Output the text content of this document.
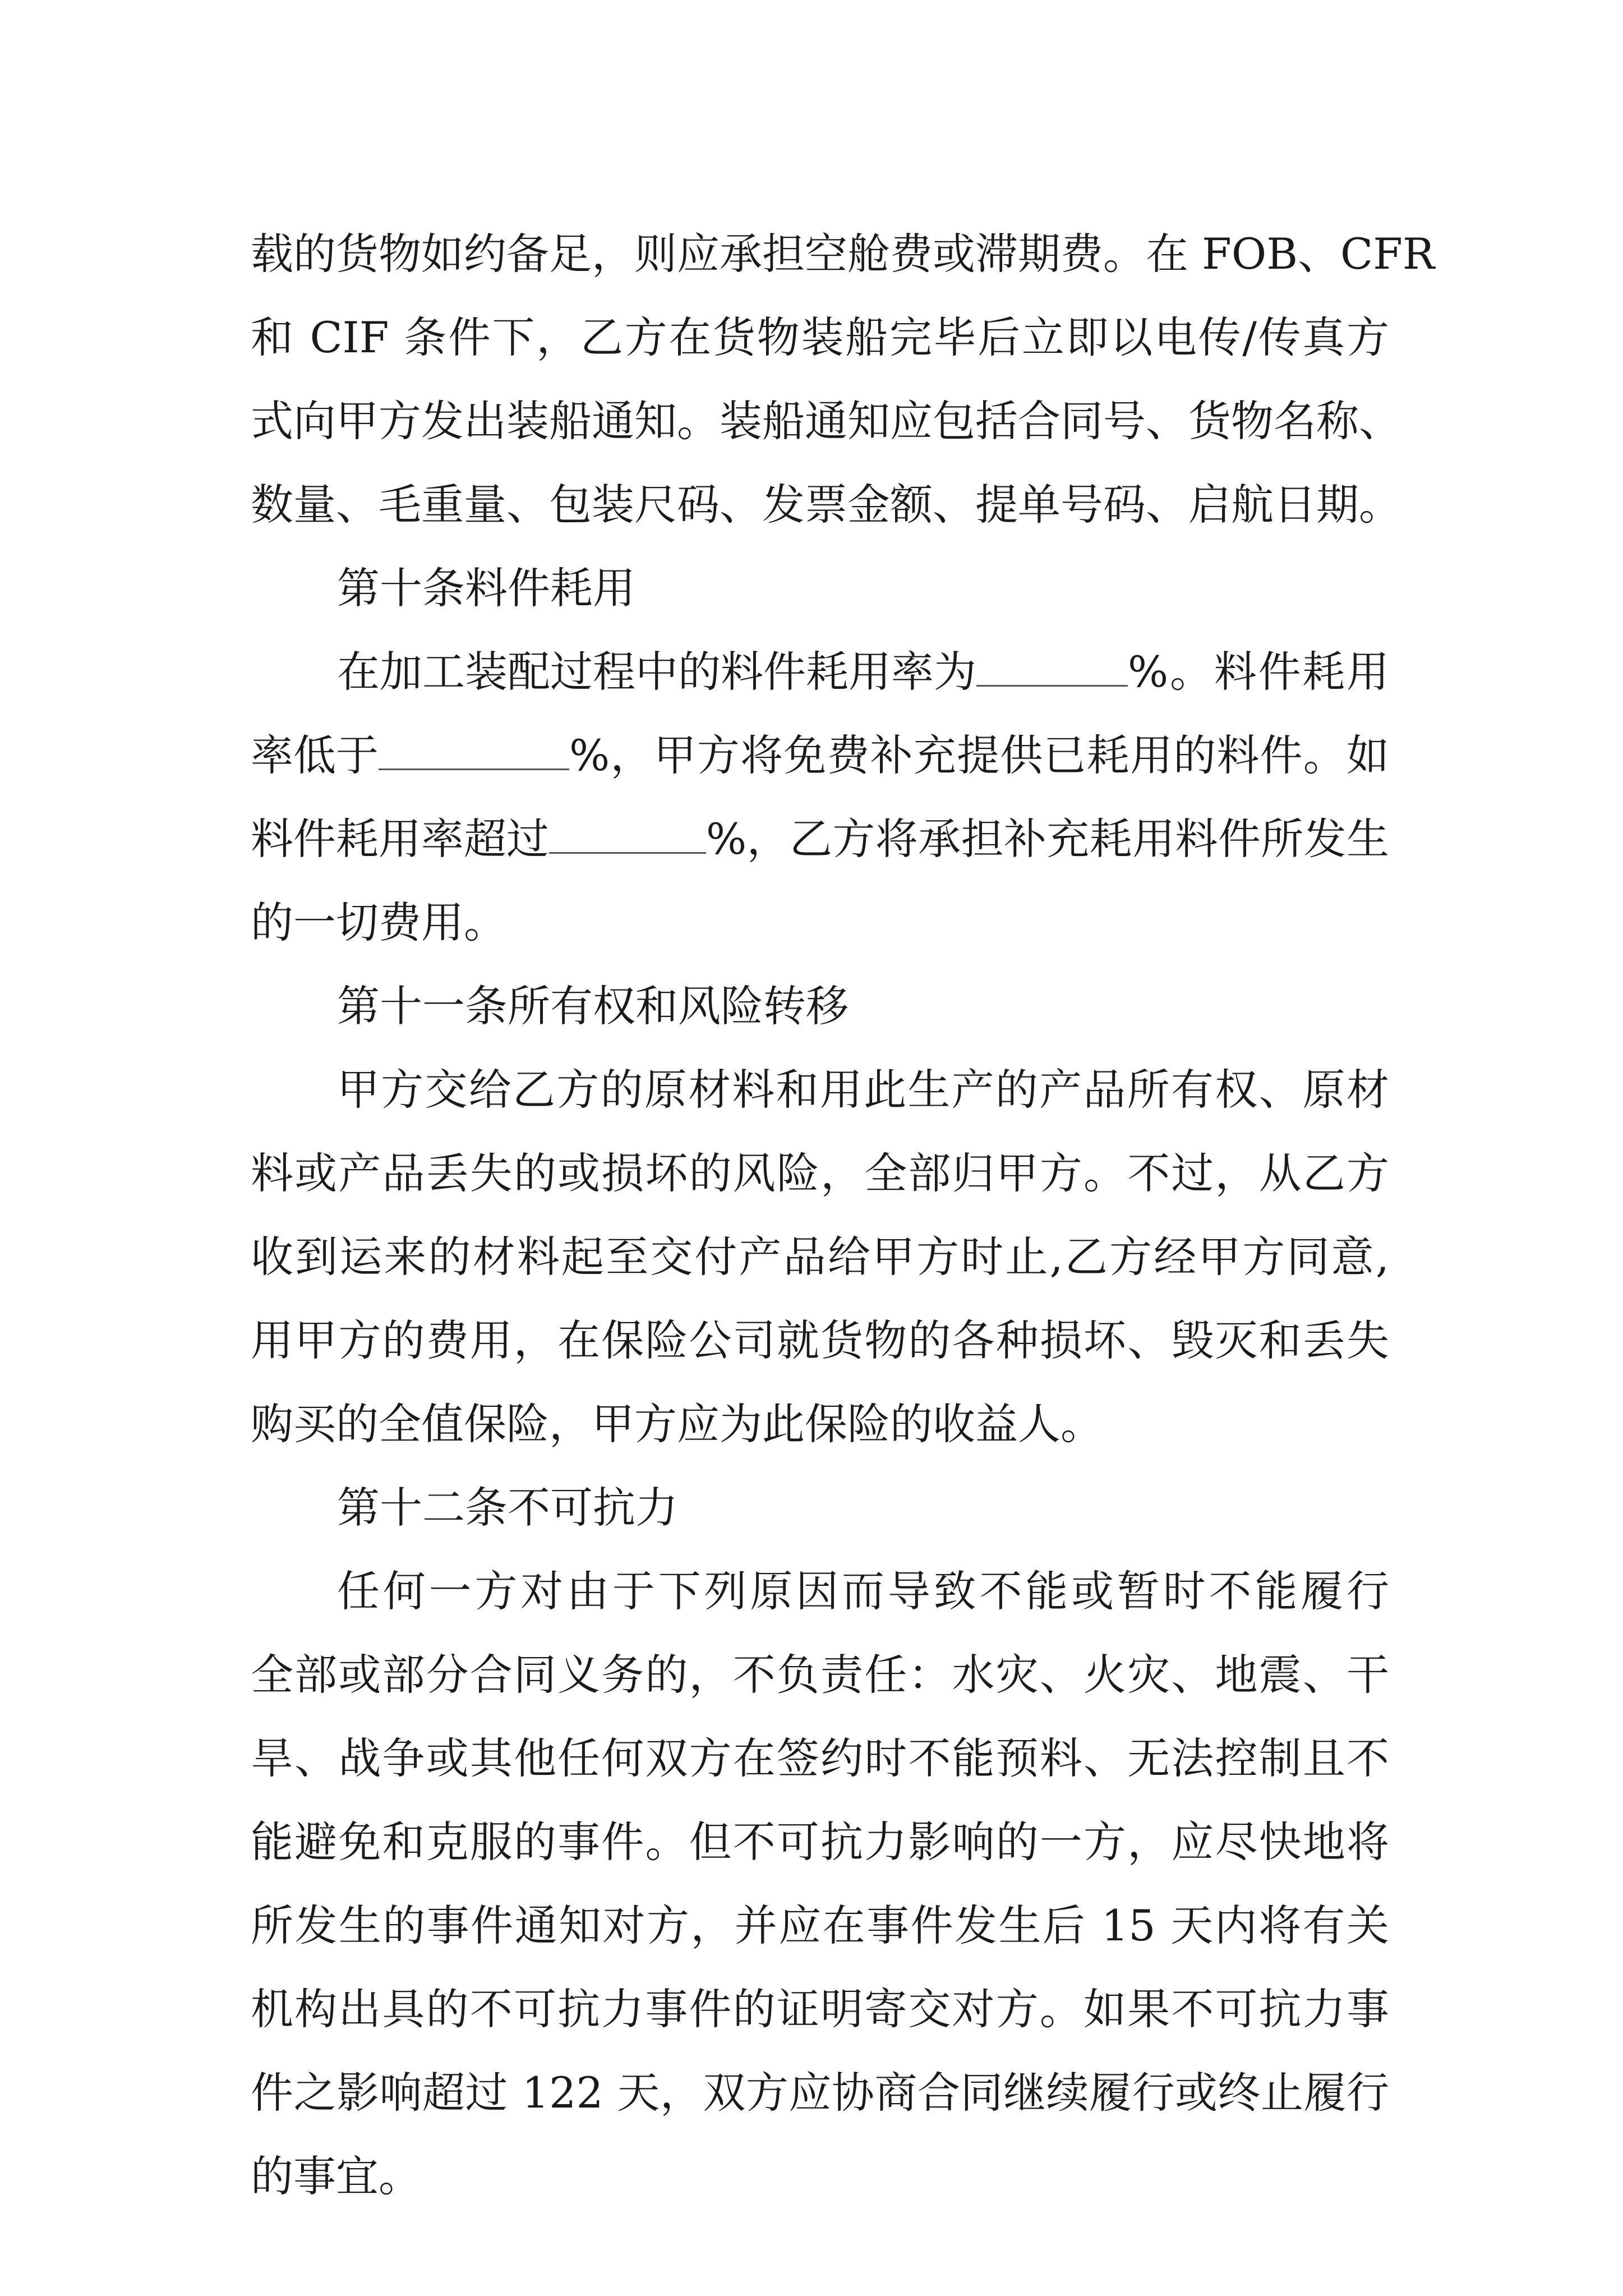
载的货物如约备足，则应承担空舱费或滞期费。在 FOB、CFR
和 CIF 条件下，乙方在货物装船完毕后立即以电传/传真方
式向甲方发出装船通知。装船通知应包括合同号、货物名称、
数量、毛重量、包装尺码、发票金额、提单号码、启航日期。
第十条料件耗用
在加工装配过程中的料件耗用率为	%。料件耗用
率低于	%，甲方将免费补充提供已耗用的料件。如
料件耗用率超过	%，乙方将承担补充耗用料件所发生
的一切费用。
第十一条所有权和风险转移
甲方交给乙方的原材料和用此生产的产品所有权、原材
料或产品丢失的或损坏的风险，全部归甲方。不过，从乙方
收到运来的材料起至交付产品给甲方时止,乙方经甲方同意,
用甲方的费用，在保险公司就货物的各种损坏、毁灭和丢失
购买的全值保险，甲方应为此保险的收益人。
第十二条不可抗力
任何一方对由于下列原因而导致不能或暂时不能履行
全部或部分合同义务的，不负责任：水灾、火灾、地震、干
旱、战争或其他任何双方在签约时不能预料、无法控制且不
能避免和克服的事件。但不可抗力影响的一方，应尽快地将
所发生的事件通知对方，并应在事件发生后 15 天内将有关
机构出具的不可抗力事件的证明寄交对方。如果不可抗力事
件之影响超过 122 天，双方应协商合同继续履行或终止履行
的事宜。
